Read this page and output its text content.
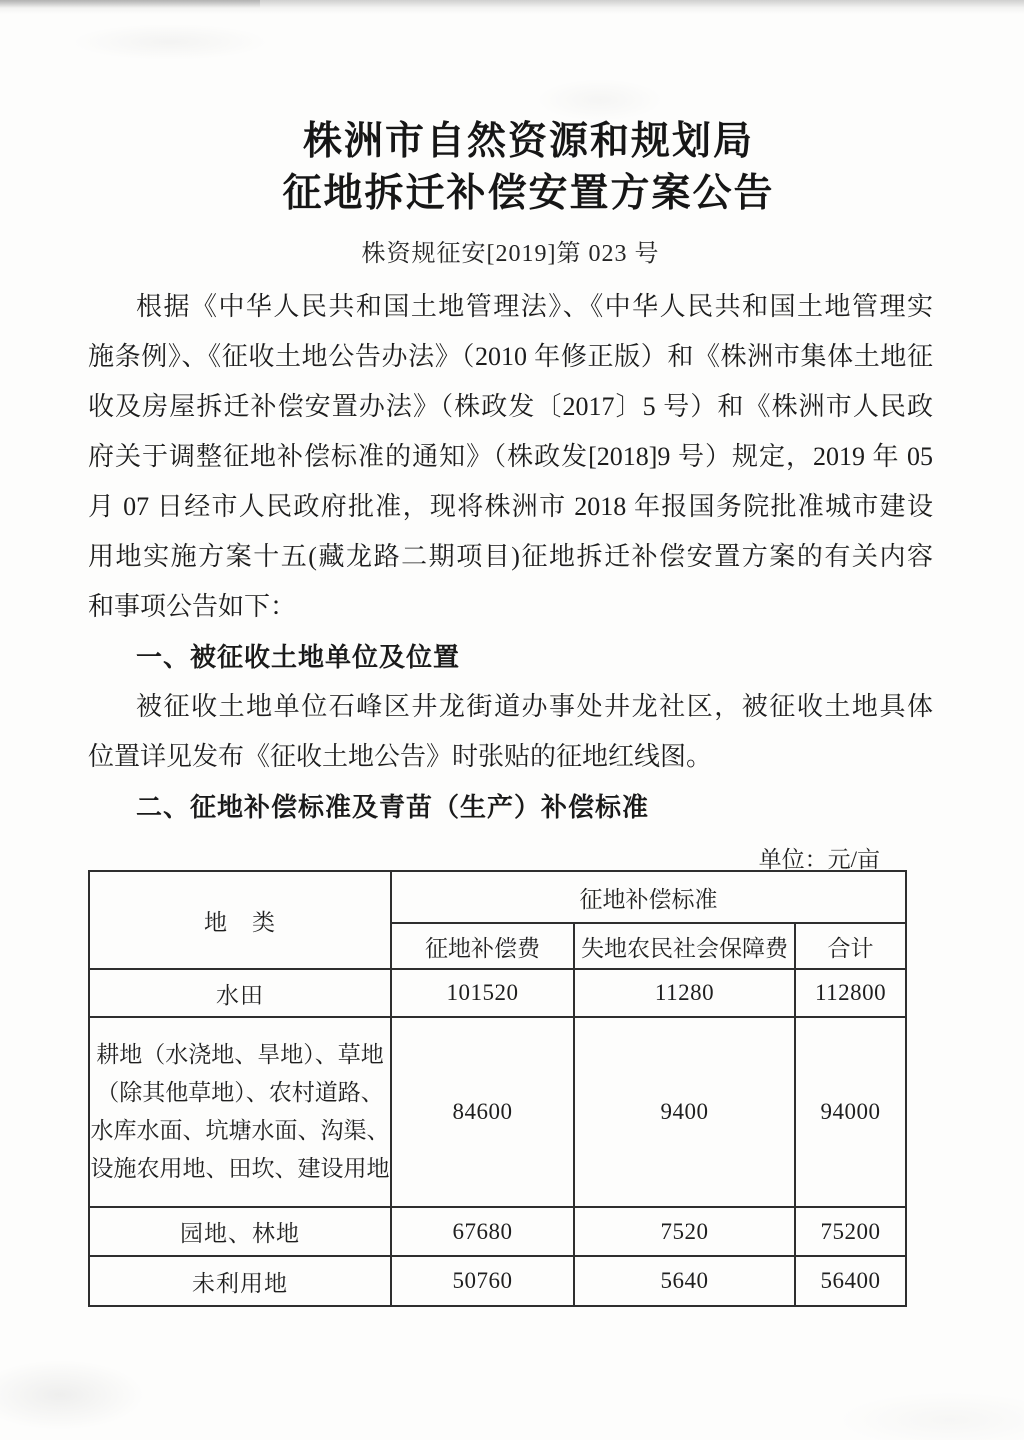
株洲市自然资源和规划局
征地拆迁补偿安置方案公告
株资规征安[2019]第 023 号
根据《中华人民共和国土地管理法》、《中华人民共和国土地管理实
施条例》、《征收土地公告办法》（2010 年修正版）和《株洲市集体土地征
收及房屋拆迁补偿安置办法》（株政发〔2017〕5 号）和《株洲市人民政
府关于调整征地补偿标准的通知》（株政发[2018]9 号）规定，2019 年 05
月 07 日经市人民政府批准，现将株洲市 2018 年报国务院批准城市建设
用地实施方案十五(藏龙路二期项目)征地拆迁补偿安置方案的有关内容
和事项公告如下：
一、被征收土地单位及位置
被征收土地单位石峰区井龙街道办事处井龙社区，被征收土地具体
位置详见发布《征收土地公告》时张贴的征地红线图。
二、征地补偿标准及青苗（生产）补偿标准
单位：元/亩
地　类	征地补偿标准		
	征地补偿费	失地农民社会保障费	合计
水田	101520	11280	112800
耕地（水浇地、旱地）、草地（除其他草地）、农村道路、水库水面、坑塘水面、沟渠、设施农用地、田坎、建设用地	84600	9400	94000
园地、林地	67680	7520	75200
未利用地	50760	5640	56400
